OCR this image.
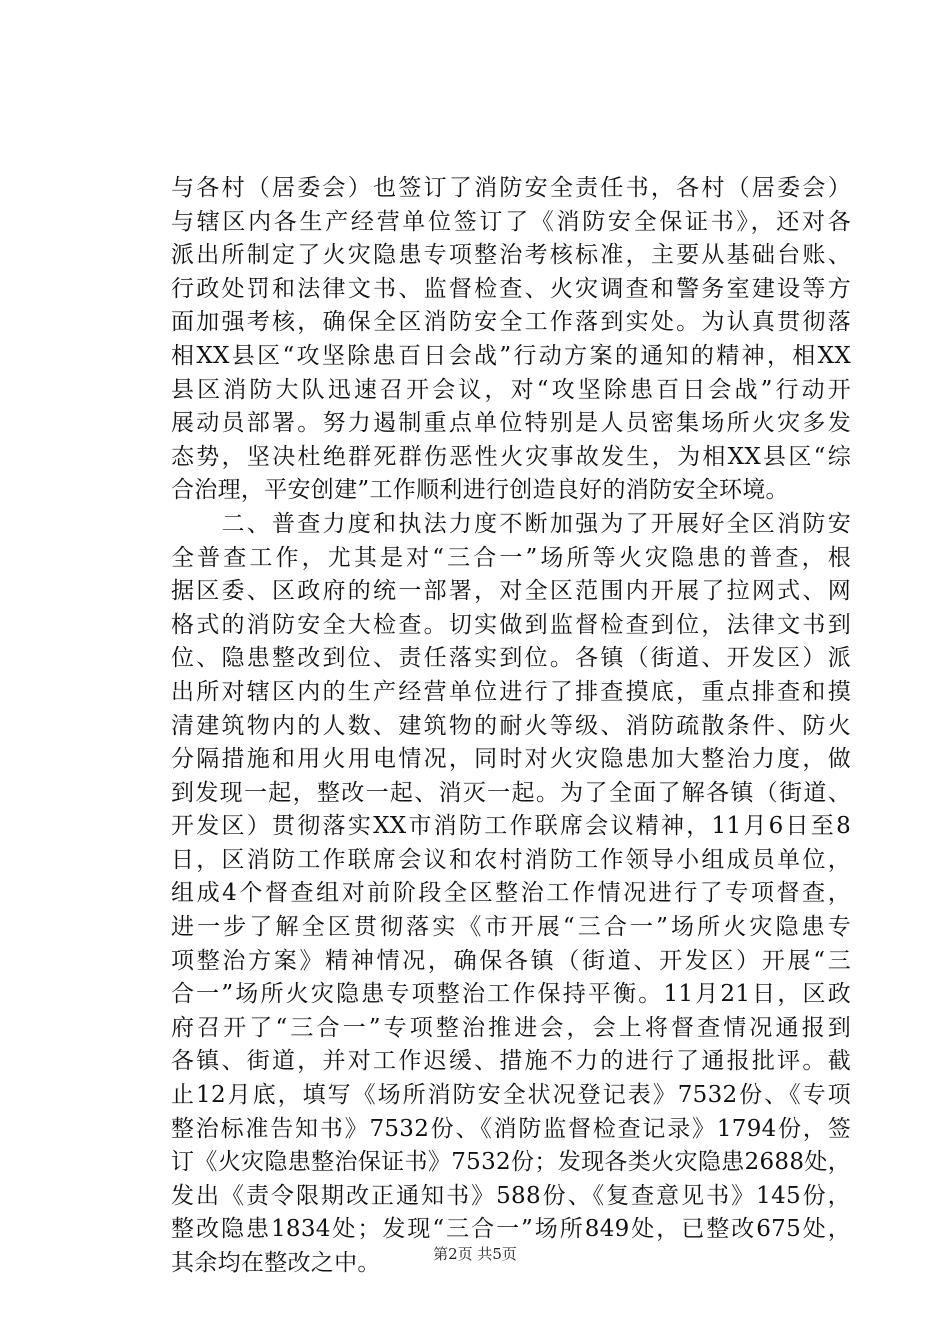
与各村（居委会）也签订了消防安全责任书，各村（居委会）
与辖区内各生产经营单位签订了《消防安全保证书》，还对各
派出所制定了火灾隐患专项整治考核标准，主要从基础台账、
行政处罚和法律文书、监督检查、火灾调查和警务室建设等方
面加强考核，确保全区消防安全工作落到实处。为认真贯彻落
相XX县区“攻坚除患百日会战”行动方案的通知的精神，相XX
县区消防大队迅速召开会议，对“攻坚除患百日会战”行动开
展动员部署。努力遏制重点单位特别是人员密集场所火灾多发
态势，坚决杜绝群死群伤恶性火灾事故发生，为相XX县区“综
合治理，平安创建”工作顺利进行创造良好的消防安全环境。
　　二、普查力度和执法力度不断加强为了开展好全区消防安
全普查工作，尤其是对“三合一”场所等火灾隐患的普查，根
据区委、区政府的统一部署，对全区范围内开展了拉网式、网
格式的消防安全大检查。切实做到监督检查到位，法律文书到
位、隐患整改到位、责任落实到位。各镇（街道、开发区）派
出所对辖区内的生产经营单位进行了排查摸底，重点排查和摸
清建筑物内的人数、建筑物的耐火等级、消防疏散条件、防火
分隔措施和用火用电情况，同时对火灾隐患加大整治力度，做
到发现一起，整改一起、消灭一起。为了全面了解各镇（街道、
开发区）贯彻落实XX市消防工作联席会议精神，11月6日至8
日，区消防工作联席会议和农村消防工作领导小组成员单位，
组成4个督查组对前阶段全区整治工作情况进行了专项督查，
进一步了解全区贯彻落实《市开展“三合一”场所火灾隐患专
项整治方案》精神情况，确保各镇（街道、开发区）开展“三
合一”场所火灾隐患专项整治工作保持平衡。11月21日，区政
府召开了“三合一”专项整治推进会，会上将督查情况通报到
各镇、街道，并对工作迟缓、措施不力的进行了通报批评。截
止12月底，填写《场所消防安全状况登记表》7532份、《专项
整治标准告知书》7532份、《消防监督检查记录》1794份，签
订《火灾隐患整治保证书》7532份；发现各类火灾隐患2688处，
发出《责令限期改正通知书》588份、《复查意见书》145份，
整改隐患1834处；发现“三合一”场所849处，已整改675处，
其余均在整改之中。	第2页 共5页
